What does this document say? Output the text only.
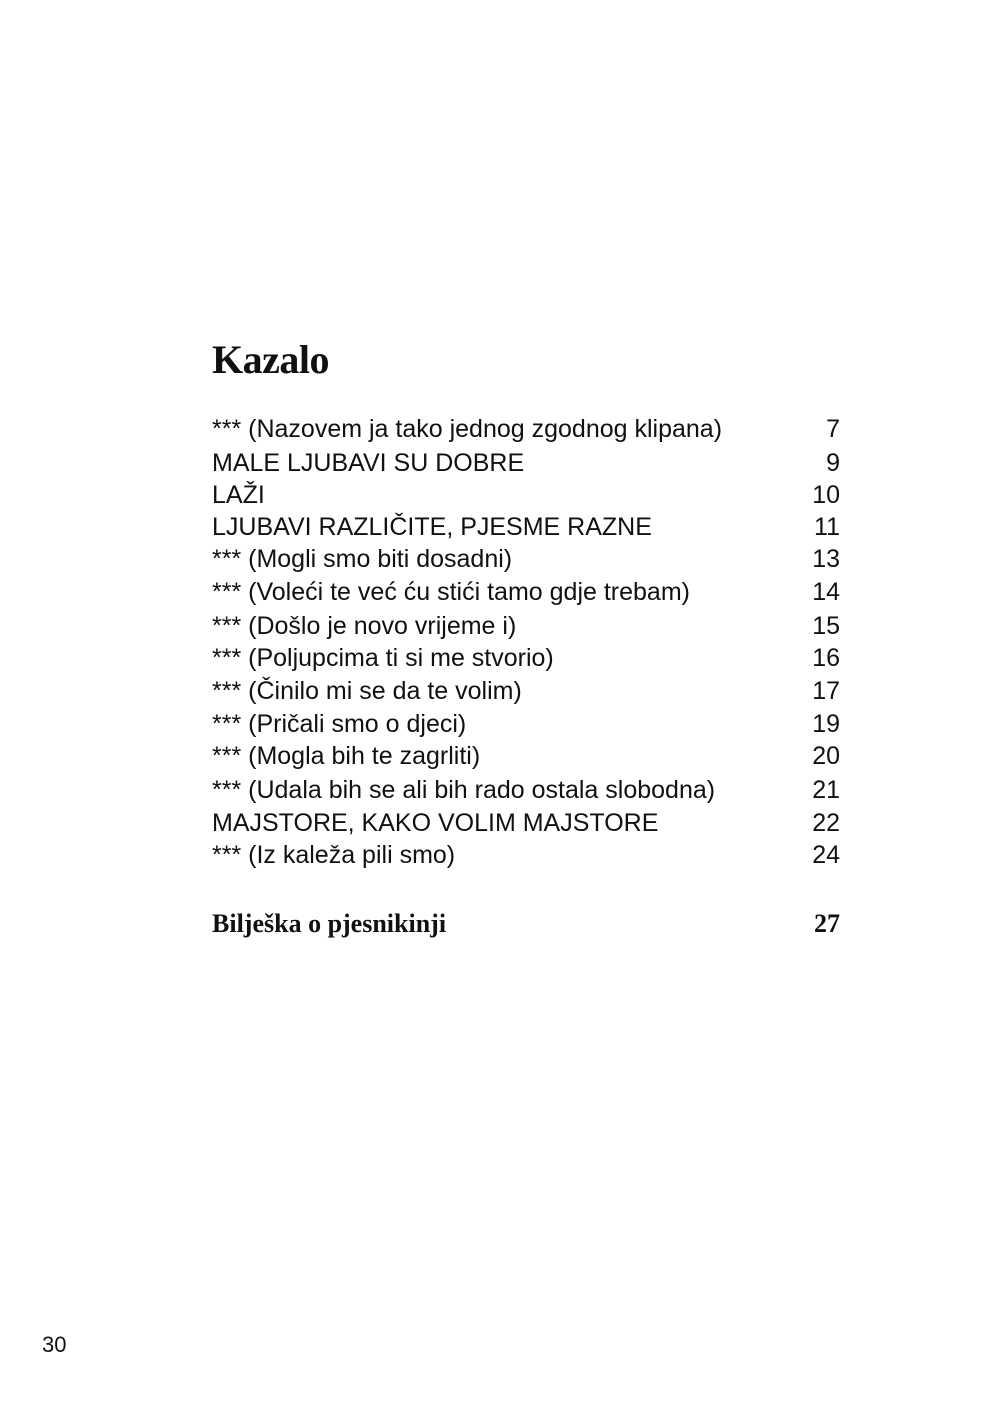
Kazalo
*** (Nazovem ja tako jednog zgodnog klipana)	7
MALE LJUBAVI SU DOBRE	9
LAŽI	10
LJUBAVI RAZLIČITE, PJESME RAZNE	11
*** (Mogli smo biti dosadni)	13
*** (Voleći te već ću stići tamo gdje trebam)	14
*** (Došlo je novo vrijeme i)	15
*** (Poljupcima ti si me stvorio)	16
*** (Činilo mi se da te volim)	17
*** (Pričali smo o djeci)	19
*** (Mogla bih te zagrliti)	20
*** (Udala bih se ali bih rado ostala slobodna)	21
MAJSTORE, KAKO VOLIM MAJSTORE	22
*** (Iz kaleža pili smo)	24
Bilješka o pjesnikinji	27
30
